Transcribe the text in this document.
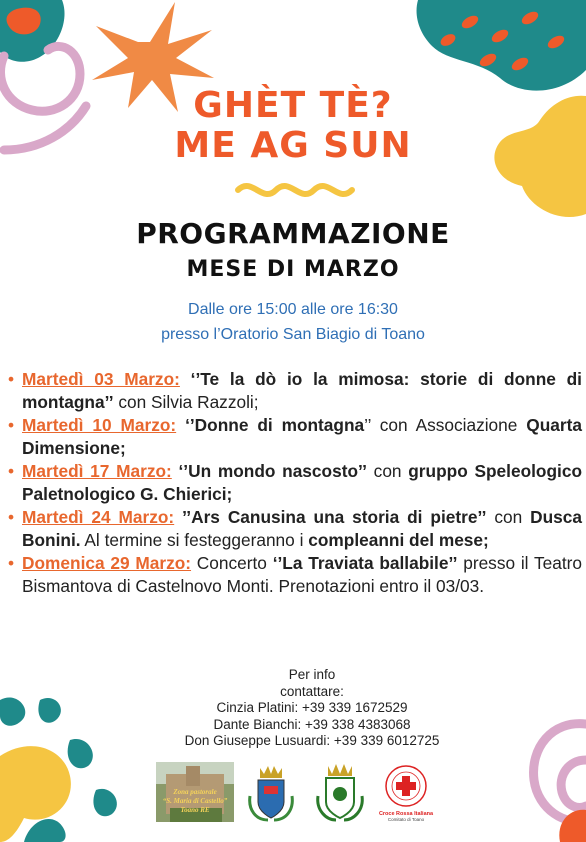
GHÈT TÈ?
ME AG SUN
PROGRAMMAZIONE
MESE DI MARZO
Dalle ore 15:00 alle ore 16:30
presso l’Oratorio San Biagio di Toano
• Martedì 03 Marzo: ‘’Te la dò io la mimosa: storie di donne di montagna’’ con Silvia Razzoli;
• Martedì 10 Marzo: ‘’Donne di montagna’’ con Associazione Quarta Dimensione;
• Martedì 17 Marzo: ‘’Un mondo nascosto’’ con gruppo Speleologico Paletnologico G. Chierici;
• Martedì 24 Marzo: ’’Ars Canusina una storia di pietre’’ con Dusca Bonini. Al termine si festeggeranno i compleanni del mese;
• Domenica 29 Marzo: Concerto ‘’La Traviata ballabile’’ presso il Teatro Bismantova di Castelnovo Monti. Prenotazioni entro il 03/03.
Per info
contattare:
Cinzia Platini: +39 339 1672529
Dante Bianchi: +39 338 4383068
Don Giuseppe Lusuardi: +39 339 6012725
Zona pastorale
“S. Maria di Castello”
Toano RE	Croce Rossa Italiana
Comitato di Toano
